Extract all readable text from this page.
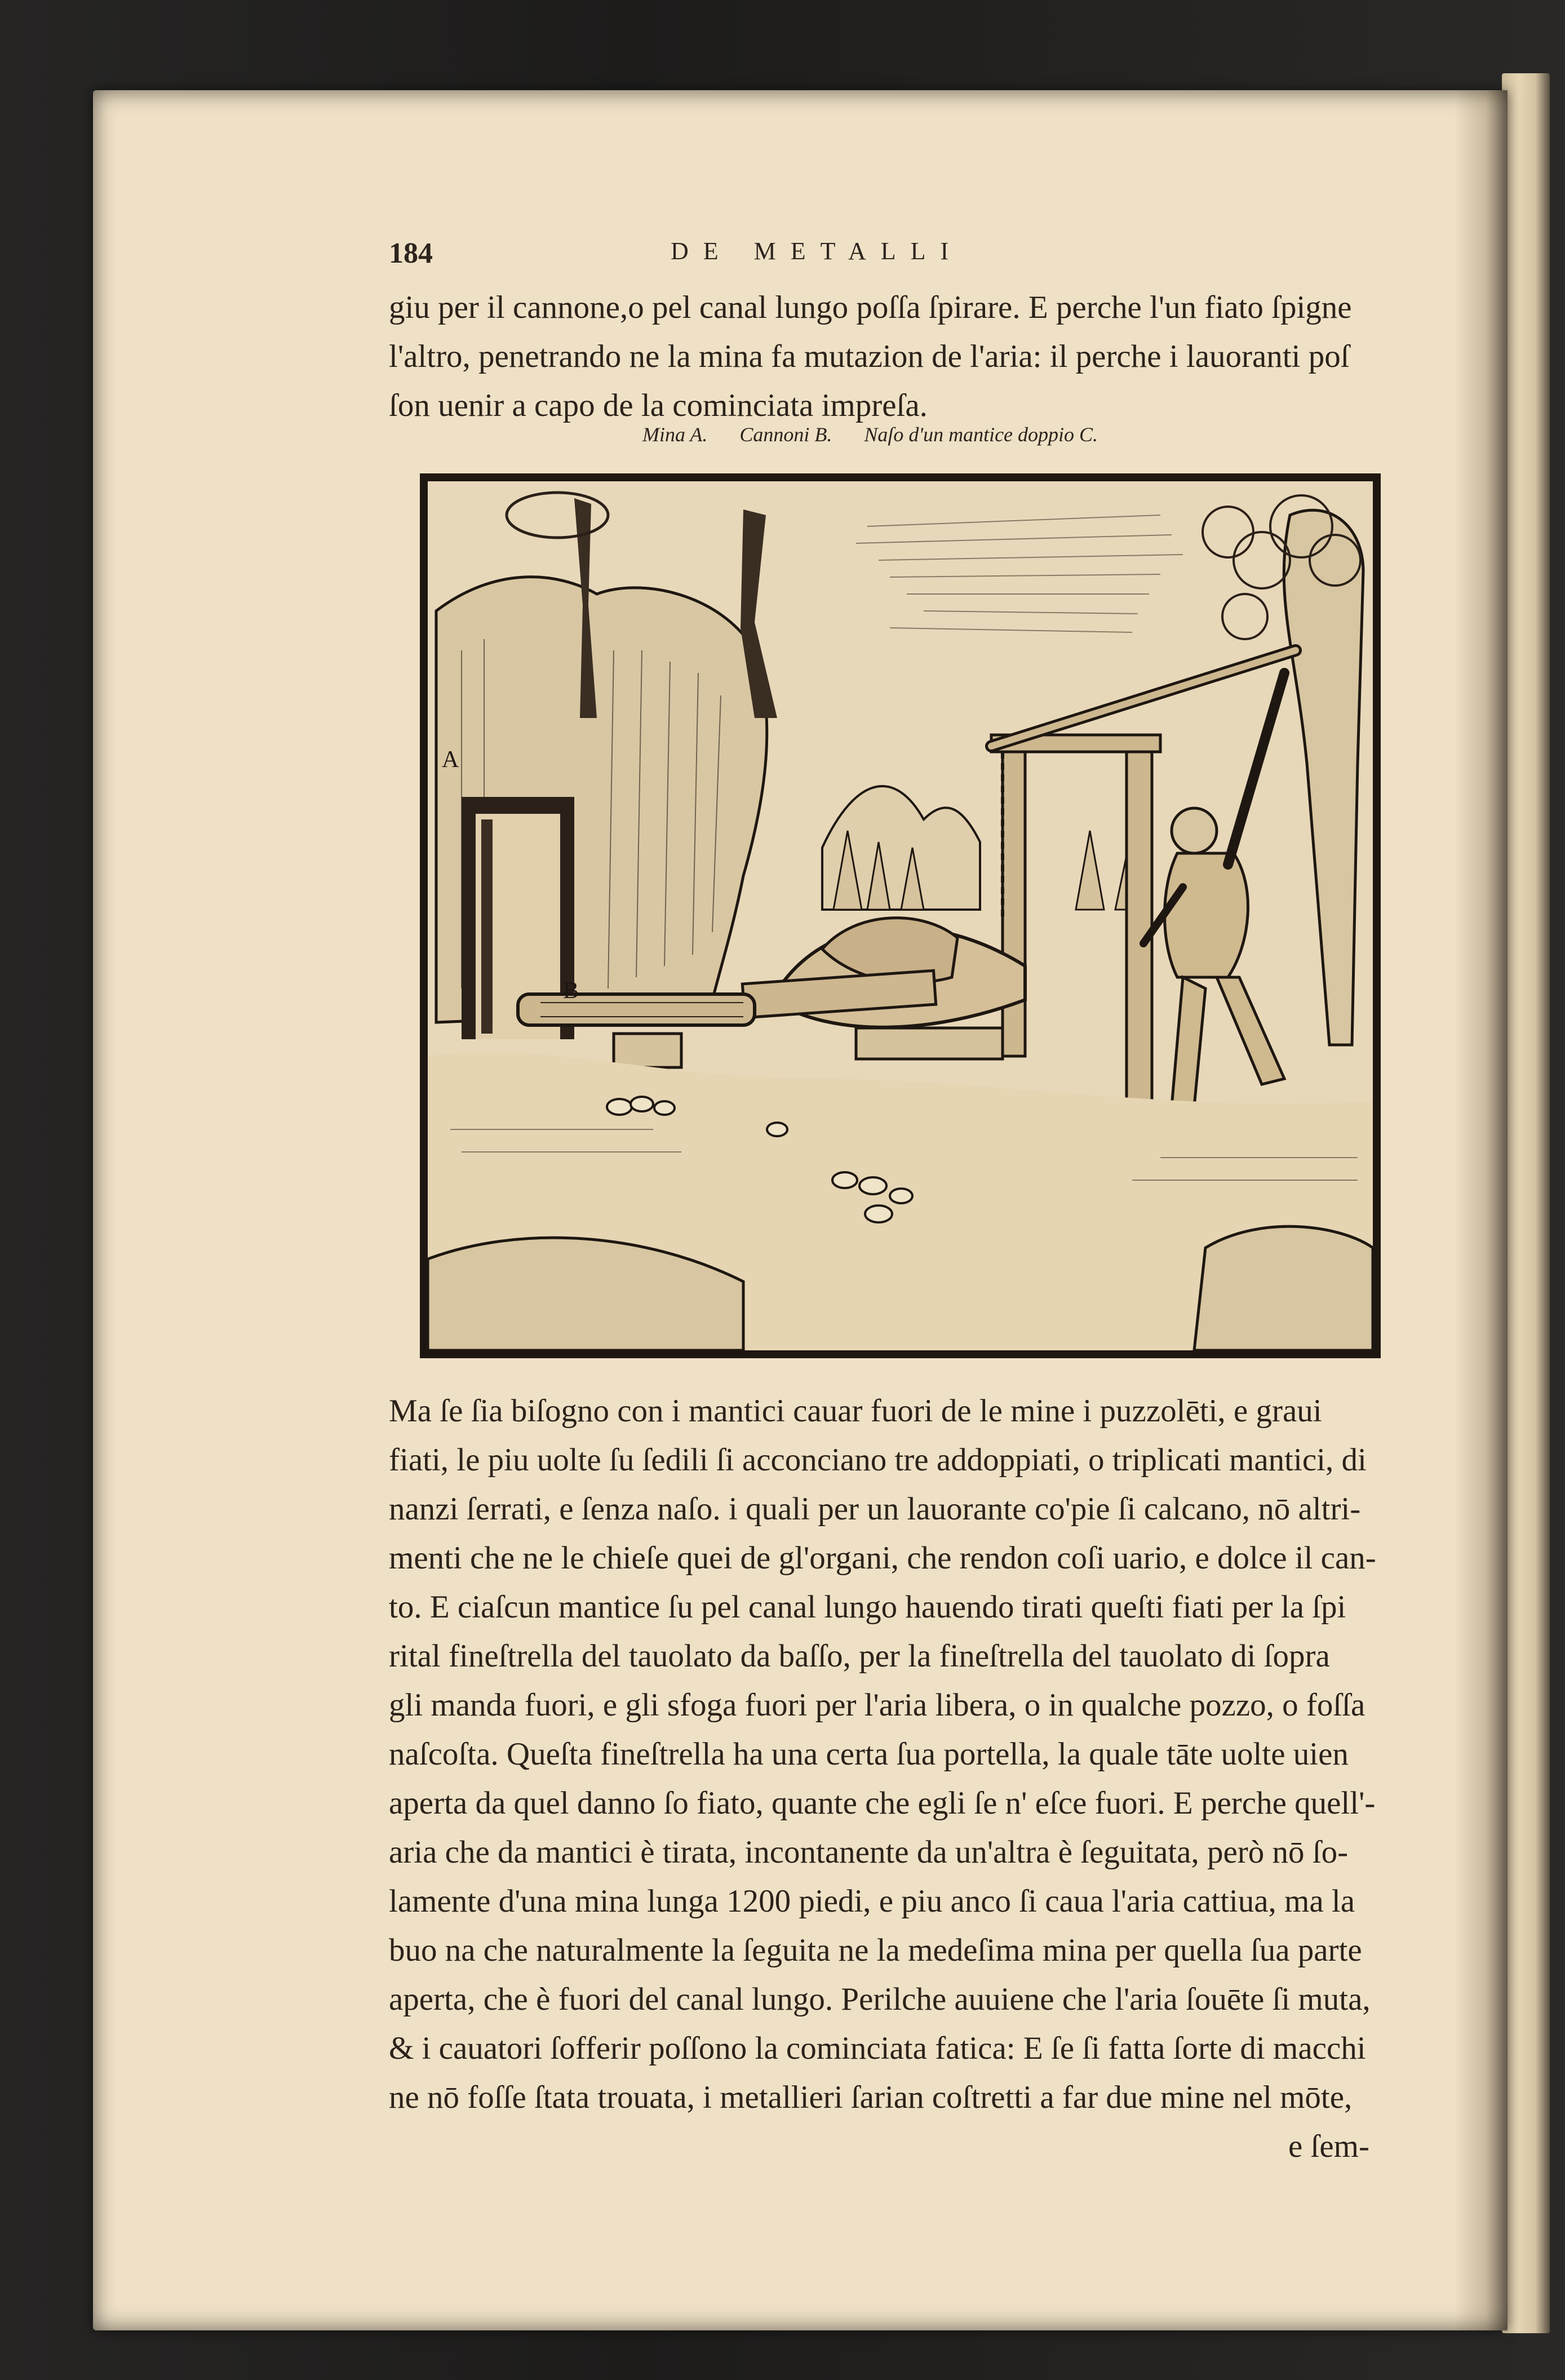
184	DE METALLI
giu per il cannone,o pel canal lungo poſſa ſpirare. E perche l'un fiato ſpigne
l'altro, penetrando ne la mina fa mutazion de l'aria: il perche i lauoranti poſ
ſon uenir a capo de la cominciata impreſa.
Mina A. Cannoni B. Naſo d'un mantice doppio C.
A
B
Ma ſe ſia biſogno con i mantici cauar fuori de le mine i puzzolēti, e graui
fiati, le piu uolte ſu ſedili ſi acconciano tre addoppiati, o triplicati mantici, di
nanzi ſerrati, e ſenza naſo. i quali per un lauorante co'pie ſi calcano, nō altri-
menti che ne le chieſe quei de gl'organi, che rendon coſi uario, e dolce il can-
to. E ciaſcun mantice ſu pel canal lungo hauendo tirati queſti fiati per la ſpi
rital fineſtrella del tauolato da baſſo, per la fineſtrella del tauolato di ſopra
gli manda fuori, e gli sfoga fuori per l'aria libera, o in qualche pozzo, o foſſa
naſcoſta. Queſta fineſtrella ha una certa ſua portella, la quale tāte uolte uien
aperta da quel danno ſo fiato, quante che egli ſe n' eſce fuori. E perche quell'-
aria che da mantici è tirata, incontanente da un'altra è ſeguitata, però nō ſo-
lamente d'una mina lunga 1200 piedi, e piu anco ſi caua l'aria cattiua, ma la
buo na che naturalmente la ſeguita ne la medeſima mina per quella ſua parte
aperta, che è fuori del canal lungo. Perilche auuiene che l'aria ſouēte ſi muta,
& i cauatori ſofferir poſſono la cominciata fatica: E ſe ſi fatta ſorte di macchi
ne nō foſſe ſtata trouata, i metallieri ſarian coſtretti a far due mine nel mōte,
e ſem-
